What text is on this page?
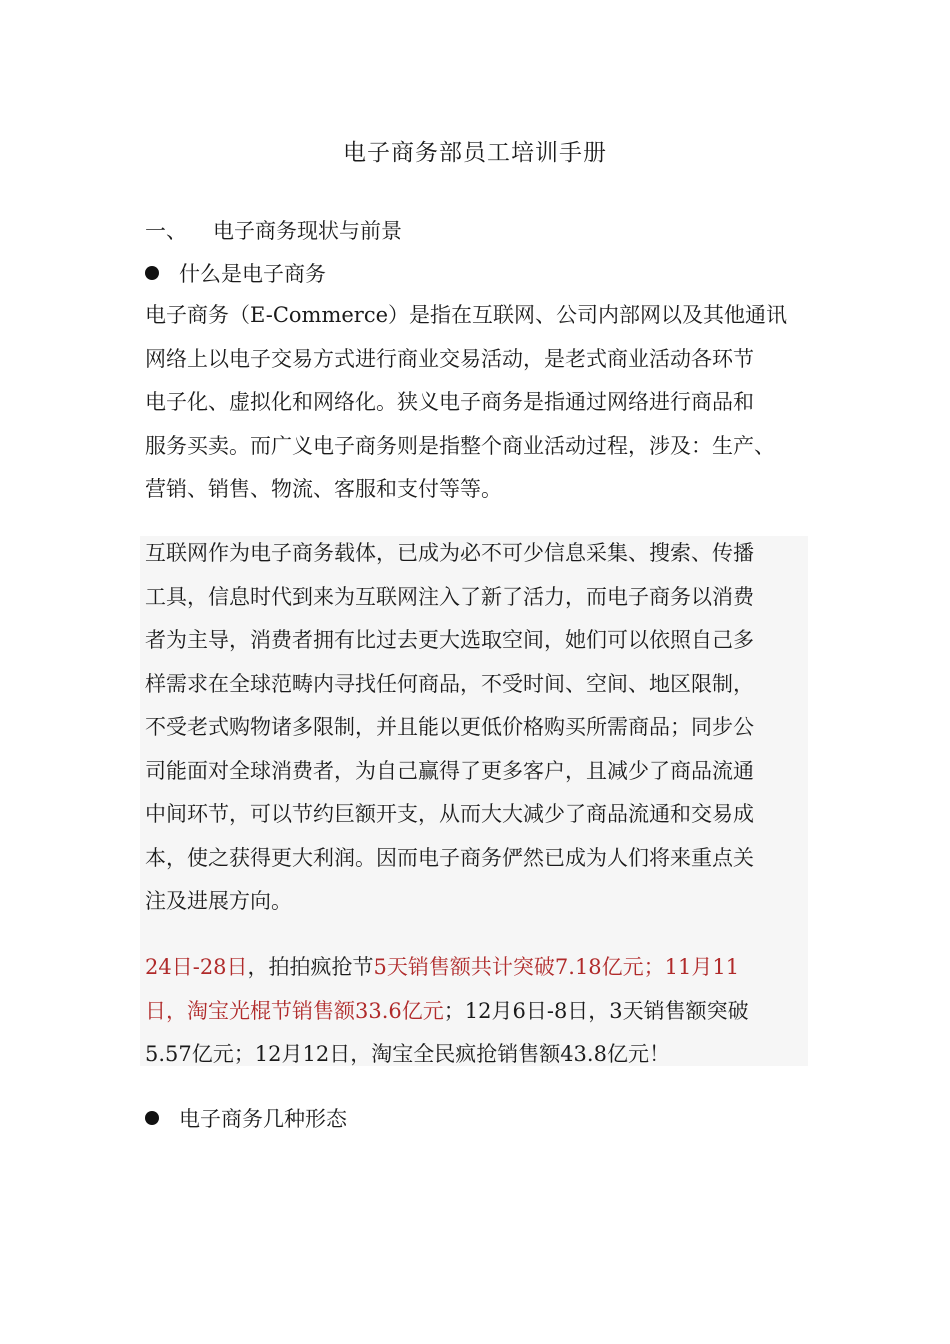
电子商务部员工培训手册
一、 电子商务现状与前景
什么是电子商务
电子商务（E-Commerce）是指在互联网、公司内部网以及其他通讯
网络上以电子交易方式进行商业交易活动，是老式商业活动各环节
电子化、虚拟化和网络化。狭义电子商务是指通过网络进行商品和
服务买卖。而广义电子商务则是指整个商业活动过程，涉及：生产、
营销、销售、物流、客服和支付等等。
互联网作为电子商务载体，已成为必不可少信息采集、搜索、传播
工具，信息时代到来为互联网注入了新了活力，而电子商务以消费
者为主导，消费者拥有比过去更大选取空间，她们可以依照自己多
样需求在全球范畴内寻找任何商品，不受时间、空间、地区限制，
不受老式购物诸多限制，并且能以更低价格购买所需商品；同步公
司能面对全球消费者，为自己赢得了更多客户，且减少了商品流通
中间环节，可以节约巨额开支，从而大大减少了商品流通和交易成
本，使之获得更大利润。因而电子商务俨然已成为人们将来重点关
注及进展方向。
24日-28日，拍拍疯抢节5天销售额共计突破7.18亿元；11月11
日，淘宝光棍节销售额33.6亿元；12月6日-8日，3天销售额突破
5.57亿元；12月12日，淘宝全民疯抢销售额43.8亿元！
电子商务几种形态
